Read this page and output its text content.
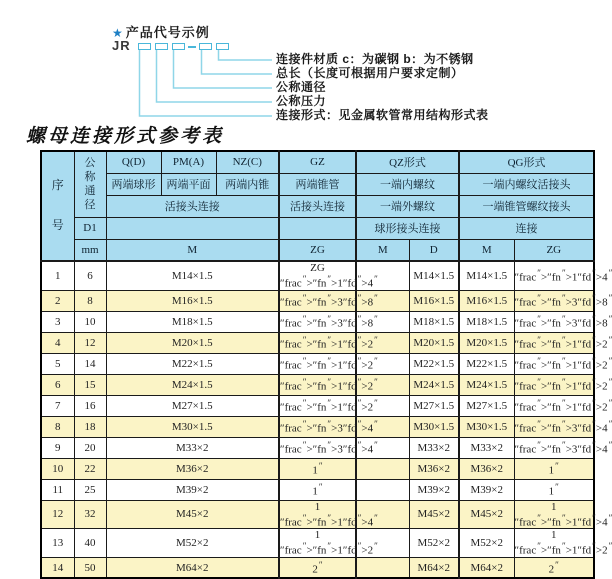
★ 产品代号示例
JR
连接件材质 c：为碳钢 b：为不锈钢
总长（长度可根据用户要求定制）
公称通径
公称压力
连接形式：见金属软管常用结构形式表
螺母连接形式参考表
序号	公称通径	Q(D)	PM(A)	NZ(C)	GZ	QZ形式		QG形式	
		两端球形	两端平面	两端内锥	两端锥管	一端内螺纹		一端内螺纹活接头	
		活接头连接			活接头连接	一端外螺纹		一端锥管螺纹接头	
	D1					球形接头连接		连接	
	mm	M			ZG	M	D	M	ZG
1	6	M14×1.5			ZG ″frac″>″fn″>1″fd″ ″		M14×1.5	M14×1.5	″frac″>″fn″>1″fd″>4
2	8	M16×1.5			″frac″>″fn″>3″fd″ ″		M16×1.5	M16×1.5	″frac″>″fn″>3″fd″>8
3	10	M18×1.5			″frac″>″fn″>3″fd″ ″		M18×1.5	M18×1.5	″frac″>″fn″>3″fd″>8
4	12	M20×1.5			″frac″>″fn″>1″fd″ ″		M20×1.5	M20×1.5	″frac″>″fn″>1″fd″>2
5	14	M22×1.5			″frac″>″fn″>1″fd″ ″		M22×1.5	M22×1.5	″frac″>″fn″>1″fd″>2
6	15	M24×1.5			″frac″>″fn″>1″fd″ ″		M24×1.5	M24×1.5	″frac″>″fn″>1″fd″>2
7	16	M27×1.5			″frac″>″fn″>1″fd″ ″		M27×1.5	M27×1.5	″frac″>″fn″>1″fd″>2
8	18	M30×1.5			″frac″>″fn″>3″fd″ ″		M30×1.5	M30×1.5	″frac″>″fn″>3″fd″>4
9	20	M33×2			″frac″>″fn″>3″fd″ ″		M33×2	M33×2	″frac″>″fn″>3″fd″>4
10	22	M36×2			1″		M36×2	M36×2	1″
11	25	M39×2			1″		M39×2	M39×2	1″
12	32	M45×2			1 ″frac″>″fn″>1″fd″ ″		M45×2	M45×2	1 ″frac″>″fn″>1″fd″>4
13	40	M52×2			1 ″frac″>″fn″>1″fd″ ″		M52×2	M52×2	1 ″frac″>″fn″>1″fd″>2
14	50	M64×2			2″		M64×2	M64×2	2″
